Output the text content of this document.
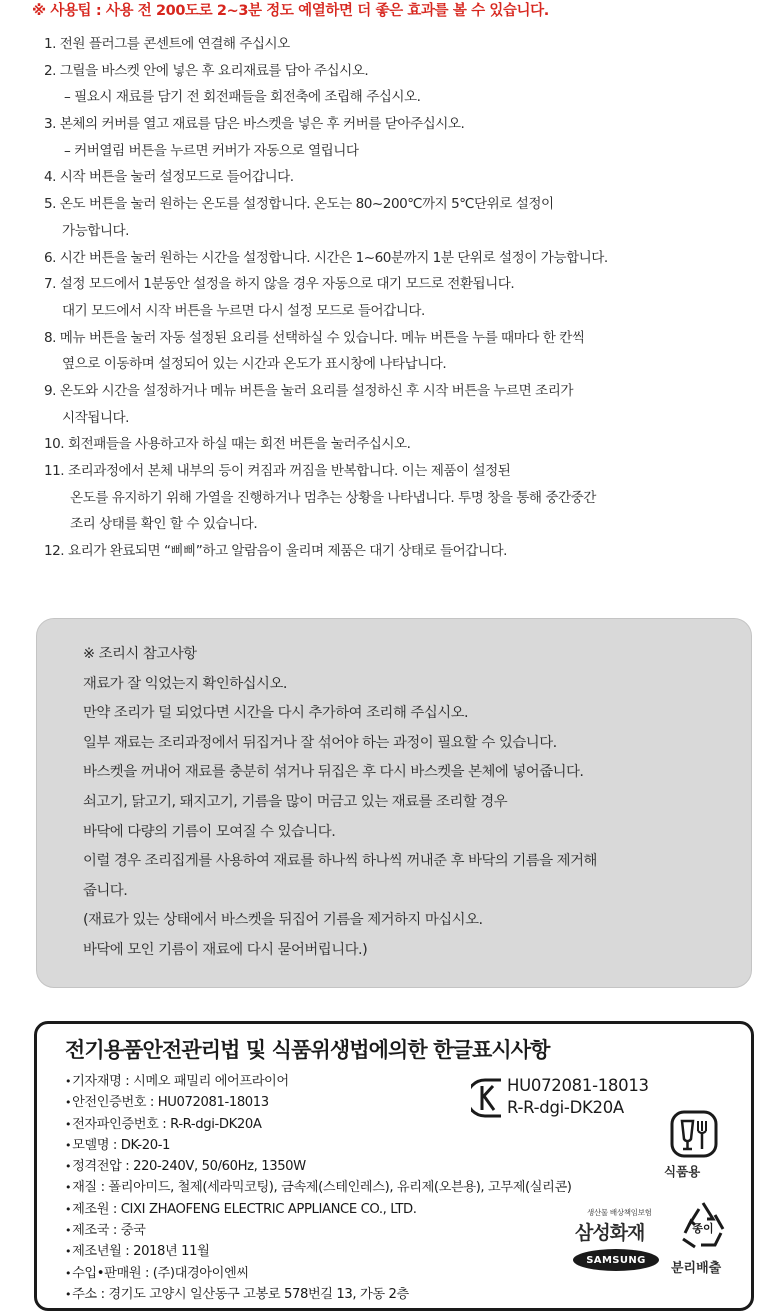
※ 사용팁 : 사용 전 200도로 2~3분 정도 예열하면 더 좋은 효과를 볼 수 있습니다.
1. 전원 플러그를 콘센트에 연결해 주십시오
2. 그릴을 바스켓 안에 넣은 후 요리재료를 담아 주십시오.
– 필요시 재료를 담기 전 회전패들을 회전축에 조립해 주십시오.
3. 본체의 커버를 열고 재료를 담은 바스켓을 넣은 후 커버를 닫아주십시오.
– 커버열림 버튼을 누르면 커버가 자동으로 열립니다
4. 시작 버튼을 눌러 설정모드로 들어갑니다.
5. 온도 버튼을 눌러 원하는 온도를 설정합니다. 온도는 80~200℃까지 5℃단위로 설정이
가능합니다.
6. 시간 버튼을 눌러 원하는 시간을 설정합니다. 시간은 1~60분까지 1분 단위로 설정이 가능합니다.
7. 설정 모드에서 1분동안 설정을 하지 않을 경우 자동으로 대기 모드로 전환됩니다.
대기 모드에서 시작 버튼을 누르면 다시 설정 모드로 들어갑니다.
8. 메뉴 버튼을 눌러 자동 설정된 요리를 선택하실 수 있습니다. 메뉴 버튼을 누를 때마다 한 칸씩
옆으로 이동하며 설정되어 있는 시간과 온도가 표시창에 나타납니다.
9. 온도와 시간을 설정하거나 메뉴 버튼을 눌러 요리를 설정하신 후 시작 버튼을 누르면 조리가
시작됩니다.
10. 회전패들을 사용하고자 하실 때는 회전 버튼을 눌러주십시오.
11. 조리과정에서 본체 내부의 등이 켜짐과 꺼짐을 반복합니다. 이는 제품이 설정된
온도를 유지하기 위해 가열을 진행하거나 멈추는 상황을 나타냅니다. 투명 창을 통해 중간중간
조리 상태를 확인 할 수 있습니다.
12. 요리가 완료되면 “삐삐”하고 알람음이 울리며 제품은 대기 상태로 들어갑니다.
※ 조리시 참고사항
재료가 잘 익었는지 확인하십시오.
만약 조리가 덜 되었다면 시간을 다시 추가하여 조리해 주십시오.
일부 재료는 조리과정에서 뒤집거나 잘 섞어야 하는 과정이 필요할 수 있습니다.
바스켓을 꺼내어 재료를 충분히 섞거나 뒤집은 후 다시 바스켓을 본체에 넣어줍니다.
쇠고기, 닭고기, 돼지고기, 기름을 많이 머금고 있는 재료를 조리할 경우
바닥에 다량의 기름이 모여질 수 있습니다.
이럴 경우 조리집게를 사용하여 재료를 하나씩 하나씩 꺼내준 후 바닥의 기름을 제거해
줍니다.
(재료가 있는 상태에서 바스켓을 뒤집어 기름을 제거하지 마십시오.
바닥에 모인 기름이 재료에 다시 묻어버립니다.)
전기용품안전관리법 및 식품위생법에의한 한글표시사항
•기자재명 : 시메오 패밀리 에어프라이어
•안전인증번호 : HU072081-18013
•전자파인증번호 : R-R-dgi-DK20A
•모델명 : DK-20-1
•정격전압 : 220-240V, 50/60Hz, 1350W
•재질 : 폴리아미드, 철제(세라믹코팅), 금속제(스테인레스), 유리제(오븐용), 고무제(실리콘)
•제조원 : CIXI ZHAOFENG ELECTRIC APPLIANCE CO., LTD.
•제조국 : 중국
•제조년월 : 2018년 11월
•수입•판매원 : (주)대경아이엔씨
•주소 : 경기도 고양시 일산동구 고봉로 578번길 13, 가동 2층
HU072081-18013
R-R-dgi-DK20A
식품용
생산물 배상책임보험
삼성화재
SAMSUNG
종이
분리배출
